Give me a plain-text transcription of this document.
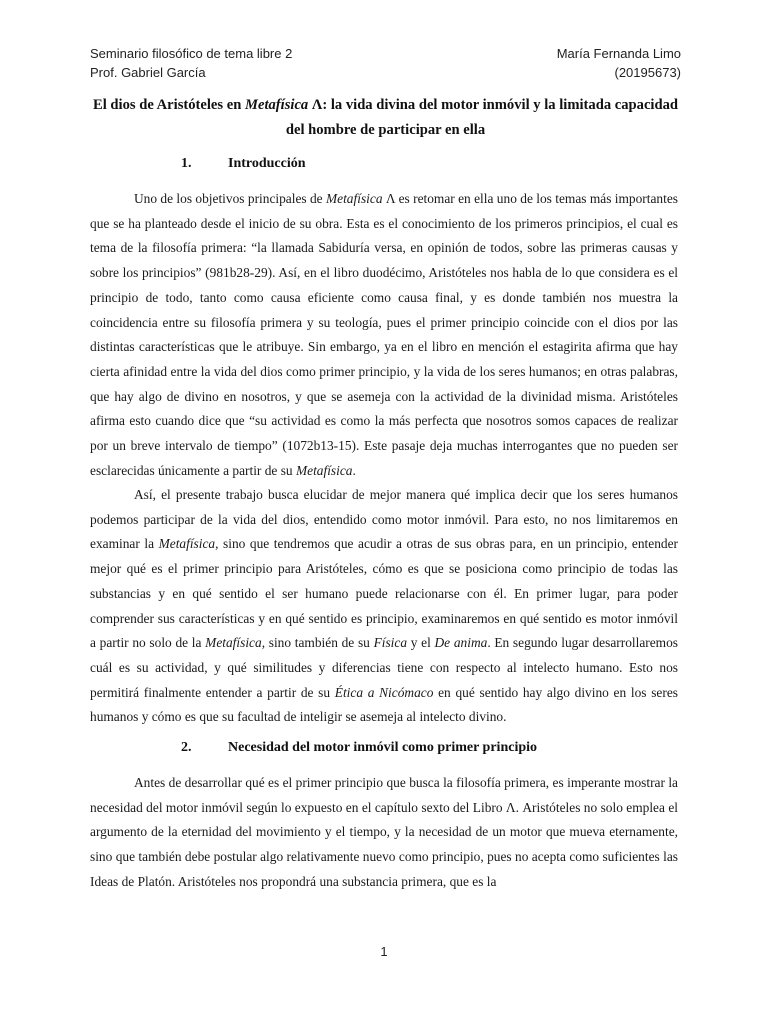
Seminario filosófico de tema libre 2	María Fernanda Limo
Prof. Gabriel García	(20195673)
El dios de Aristóteles en Metafísica Λ: la vida divina del motor inmóvil y la limitada capacidad del hombre de participar en ella
1.	Introducción

Uno de los objetivos principales de Metafísica Λ es retomar en ella uno de los temas más importantes que se ha planteado desde el inicio de su obra. Esta es el conocimiento de los primeros principios, el cual es tema de la filosofía primera: “la llamada Sabiduría versa, en opinión de todos, sobre las primeras causas y sobre los principios” (981b28-29). Así, en el libro duodécimo, Aristóteles nos habla de lo que considera es el principio de todo, tanto como causa eficiente como causa final, y es donde también nos muestra la coincidencia entre su filosofía primera y su teología, pues el primer principio coincide con el dios por las distintas características que le atribuye. Sin embargo, ya en el libro en mención el estagirita afirma que hay cierta afinidad entre la vida del dios como primer principio, y la vida de los seres humanos; en otras palabras, que hay algo de divino en nosotros, y que se asemeja con la actividad de la divinidad misma. Aristóteles afirma esto cuando dice que “su actividad es como la más perfecta que nosotros somos capaces de realizar por un breve intervalo de tiempo” (1072b13-15). Este pasaje deja muchas interrogantes que no pueden ser esclarecidas únicamente a partir de su Metafísica.

Así, el presente trabajo busca elucidar de mejor manera qué implica decir que los seres humanos podemos participar de la vida del dios, entendido como motor inmóvil. Para esto, no nos limitaremos en examinar la Metafísica, sino que tendremos que acudir a otras de sus obras para, en un principio, entender mejor qué es el primer principio para Aristóteles, cómo es que se posiciona como principio de todas las substancias y en qué sentido el ser humano puede relacionarse con él. En primer lugar, para poder comprender sus características y en qué sentido es principio, examinaremos en qué sentido es motor inmóvil a partir no solo de la Metafísica, sino también de su Física y el De anima. En segundo lugar desarrollaremos cuál es su actividad, y qué similitudes y diferencias tiene con respecto al intelecto humano. Esto nos permitirá finalmente entender a partir de su Ética a Nicómaco en qué sentido hay algo divino en los seres humanos y cómo es que su facultad de inteligir se asemeja al intelecto divino.

2.	Necesidad del motor inmóvil como primer principio

Antes de desarrollar qué es el primer principio que busca la filosofía primera, es imperante mostrar la necesidad del motor inmóvil según lo expuesto en el capítulo sexto del Libro Λ. Aristóteles no solo emplea el argumento de la eternidad del movimiento y el tiempo, y la necesidad de un motor que mueva eternamente, sino que también debe postular algo relativamente nuevo como principio, pues no acepta como suficientes las Ideas de Platón. Aristóteles nos propondrá una substancia primera, que es la

1
